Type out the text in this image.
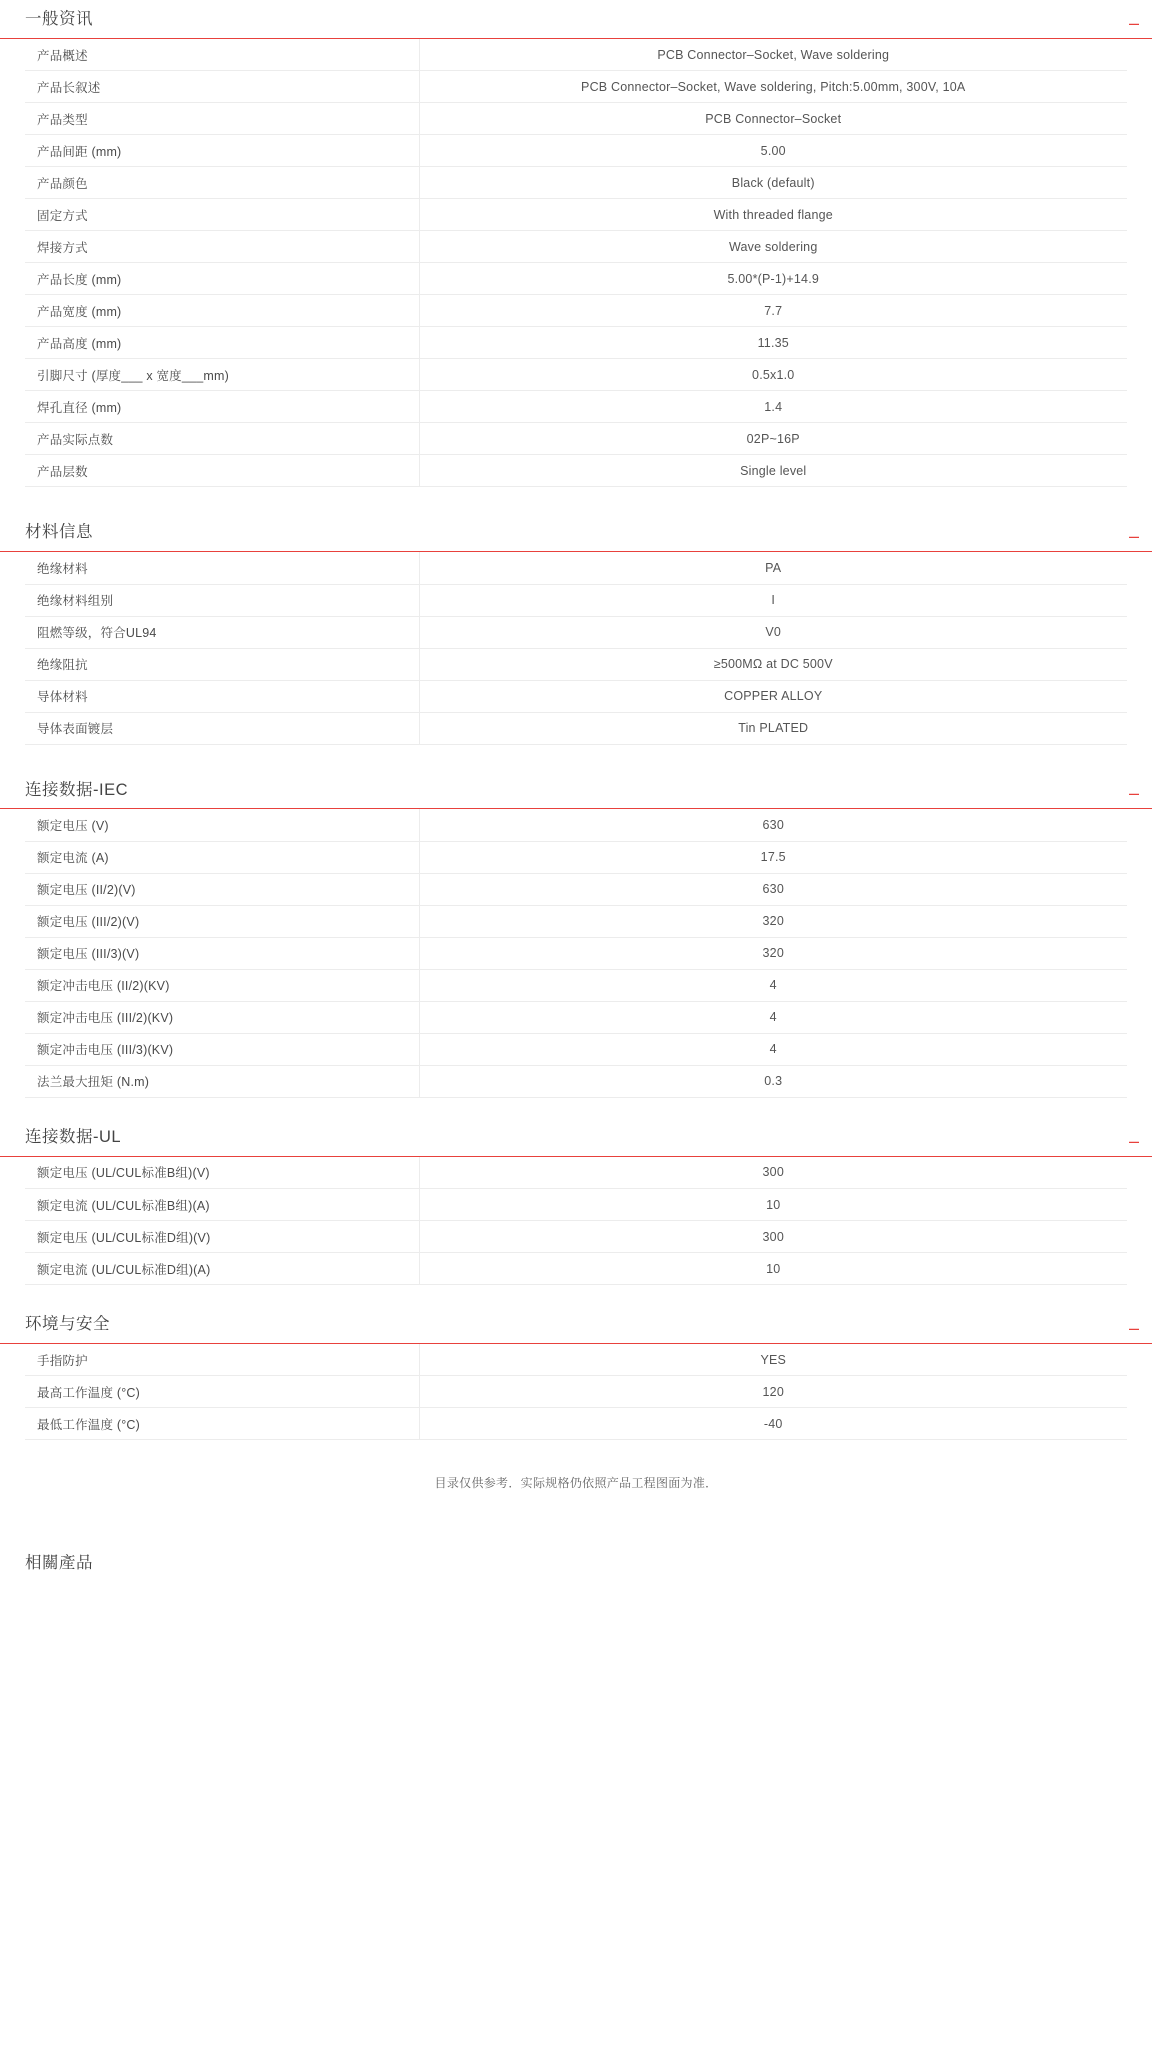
一般资讯	–
产品概述	PCB Connector–Socket, Wave soldering
产品长叙述	PCB Connector–Socket, Wave soldering, Pitch:5.00mm, 300V, 10A
产品类型	PCB Connector–Socket
产品间距 (mm)	5.00
产品颜色	Black (default)
固定方式	With threaded flange
焊接方式	Wave soldering
产品长度 (mm)	5.00*(P-1)+14.9
产品宽度 (mm)	7.7
产品高度 (mm)	11.35
引脚尺寸 (厚度___ x 宽度___mm)	0.5x1.0
焊孔直径 (mm)	1.4
产品实际点数	02P~16P
产品层数	Single level
材料信息	–
绝缘材料	PA
绝缘材料组别	I
阻燃等级，符合UL94	V0
绝缘阻抗	≥500MΩ at DC 500V
导体材料	COPPER ALLOY
导体表面镀层	Tin PLATED
连接数据-IEC	–
额定电压 (V)	630
额定电流 (A)	17.5
额定电压 (II/2)(V)	630
额定电压 (III/2)(V)	320
额定电压 (III/3)(V)	320
额定冲击电压 (II/2)(KV)	4
额定冲击电压 (III/2)(KV)	4
额定冲击电压 (III/3)(KV)	4
法兰最大扭矩 (N.m)	0.3
连接数据-UL	–
额定电压 (UL/CUL标准B组)(V)	300
额定电流 (UL/CUL标准B组)(A)	10
额定电压 (UL/CUL标准D组)(V)	300
额定电流 (UL/CUL标准D组)(A)	10
环境与安全	–
手指防护	YES
最高工作温度 (°C)	120
最低工作温度 (°C)	-40
目录仅供参考．实际规格仍依照产品工程图面为准．
相關產品
